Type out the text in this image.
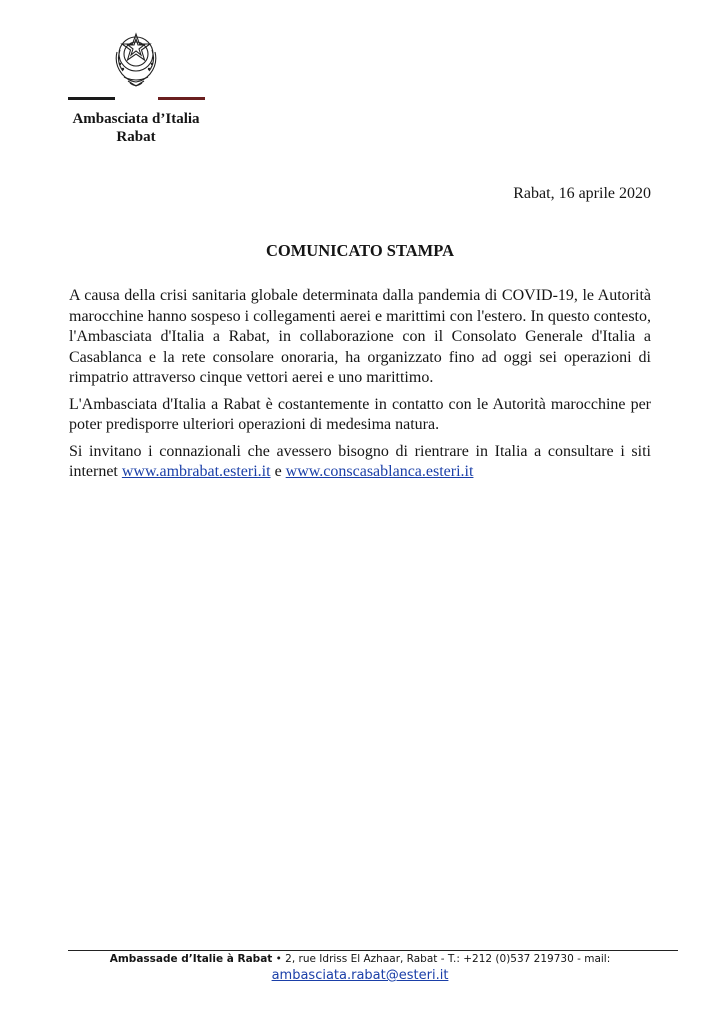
Ambasciata d’Italia
Rabat
Rabat, 16 aprile 2020
COMUNICATO STAMPA

A causa della crisi sanitaria globale determinata dalla pandemia di COVID-19, le Autorità marocchine hanno sospeso i collegamenti aerei e marittimi con l'estero. In questo contesto, l'Ambasciata d'Italia a Rabat, in collaborazione con il Consolato Generale d'Italia a Casablanca e la rete consolare onoraria, ha organizzato fino ad oggi sei operazioni di rimpatrio attraverso cinque vettori aerei e uno marittimo.

L'Ambasciata d'Italia a Rabat è costantemente in contatto con le Autorità marocchine per poter predisporre ulteriori operazioni di medesima natura.

Si invitano i connazionali che avessero bisogno di rientrare in Italia a consultare i siti internet www.ambrabat.esteri.it e www.conscasablanca.esteri.it

Ambassade d’Italie à Rabat • 2, rue Idriss El Azhaar, Rabat - T.: +212 (0)537 219730 - mail:
ambasciata.rabat@esteri.it
